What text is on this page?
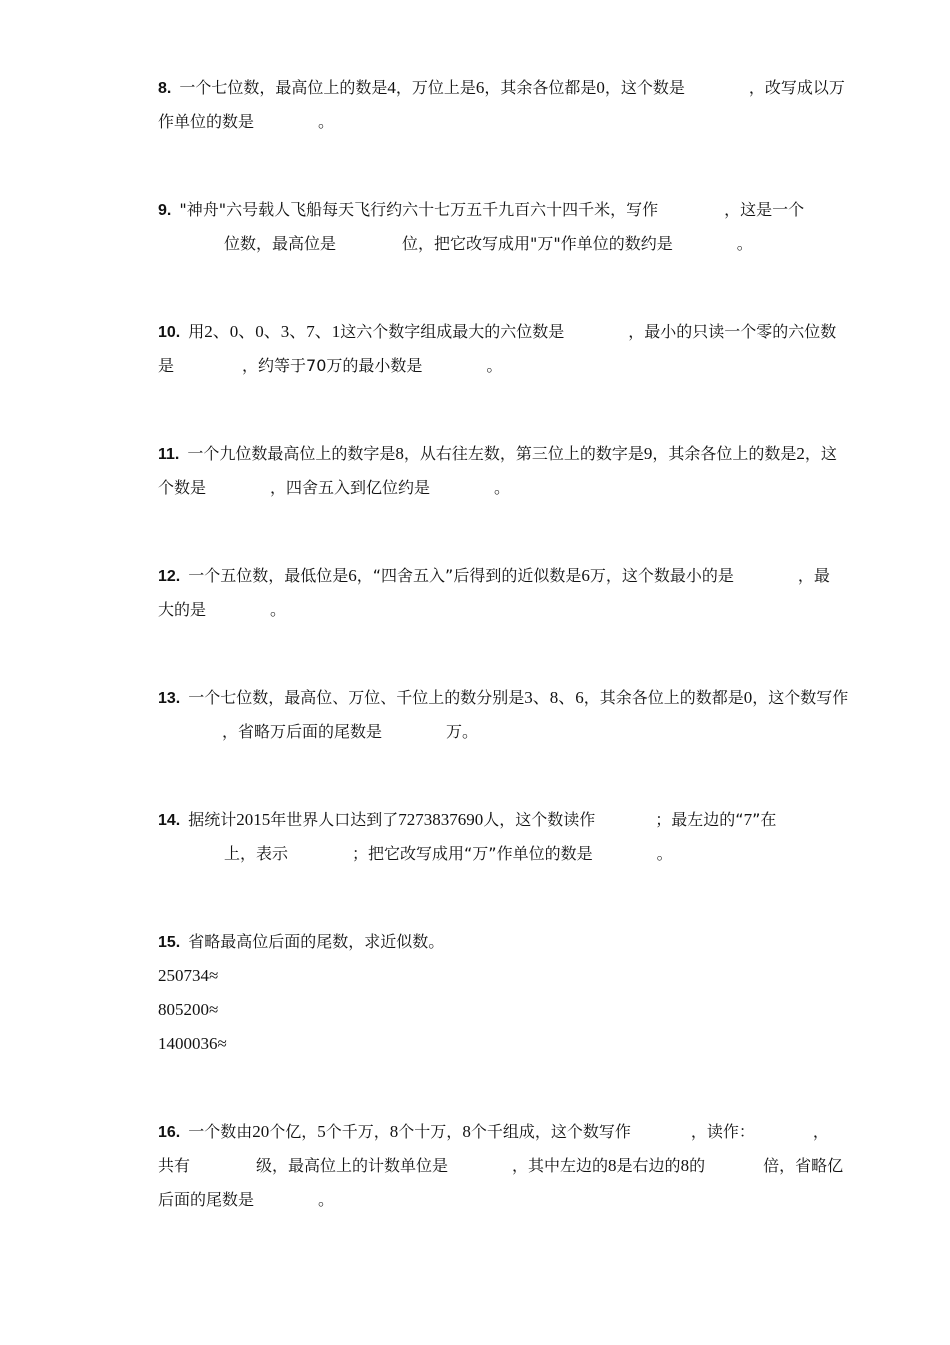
8. 一个七位数，最高位上的数是4，万位上是6，其余各位都是0，这个数是	，改写成以万
作单位的数是	。
9. "神舟"六号载人飞船每天飞行约六十七万五千九百六十四千米，写作	，这是一个
位数，最高位是	位，把它改写成用"万"作单位的数约是	。
10. 用2、0、0、3、7、1这六个数字组成最大的六位数是	，最小的只读一个零的六位数
是	，约等于70万的最小数是	。
11. 一个九位数最高位上的数字是8，从右往左数，第三位上的数字是9，其余各位上的数是2，这
个数是	，四舍五入到亿位约是	。
12. 一个五位数，最低位是6，“四舍五入”后得到的近似数是6万，这个数最小的是	，最
大的是	。
13. 一个七位数，最高位、万位、千位上的数分别是3、8、6，其余各位上的数都是0，这个数写作
，省略万后面的尾数是	万。
14. 据统计2015年世界人口达到了7273837690人，这个数读作	；最左边的“7”在
上，表示	；把它改写成用“万”作单位的数是	。
15. 省略最高位后面的尾数，求近似数。
250734≈
805200≈
1400036≈
16. 一个数由20个亿，5个千万，8个十万，8个千组成，这个数写作	，读作：	，
共有	级，最高位上的计数单位是	，其中左边的8是右边的8的	倍，省略亿
后面的尾数是	。
